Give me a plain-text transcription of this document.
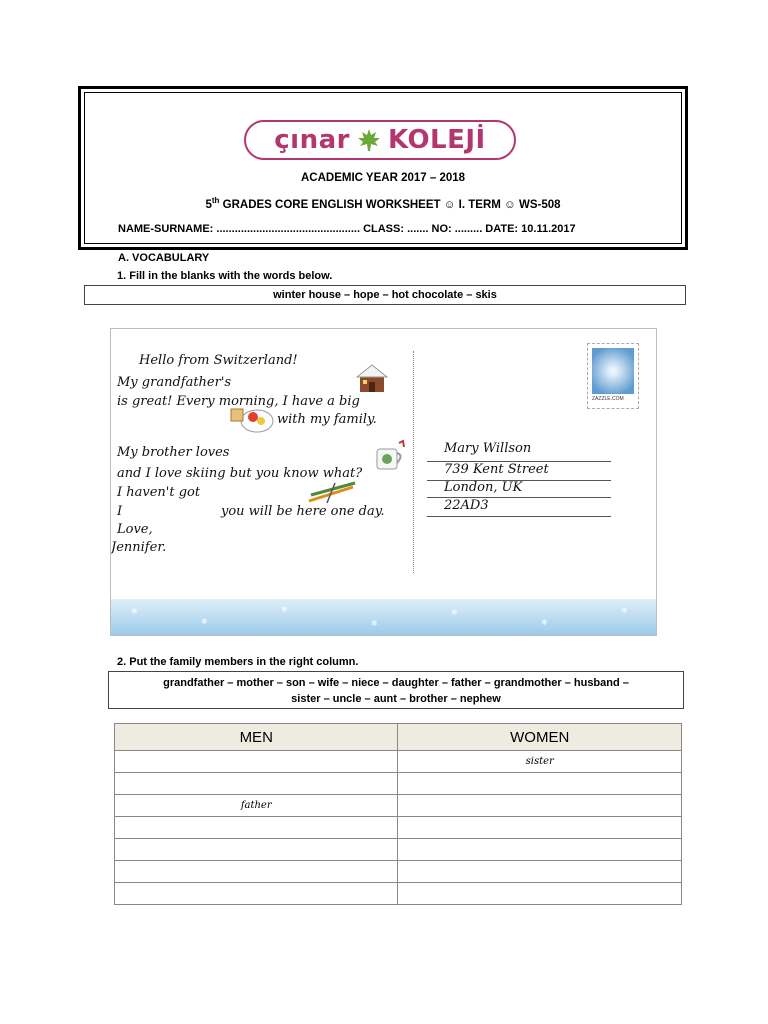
çınar KOLEJİ
ACADEMIC YEAR 2017 – 2018
5th GRADES CORE ENGLISH WORKSHEET ☺ I. TERM ☺ WS-508
NAME-SURNAME: ............................................... CLASS: ....... NO: ......... DATE: 10.11.2017
A. VOCABULARY
1. Fill in the blanks with the words below.
winter house – hope – hot chocolate – skis
Hello from Switzerland!
My grandfather's
is great! Every morning, I have a big
with my family.
My brother loves
and I love skiing but you know what?
I haven't got
I	you will be here one day.
Love,
Jennifer.
Mary Willson
739 Kent Street
London, UK
22AD3
ZAZZLE.COM
❄
❄
❄
❄
❄
❄
❄
2. Put the family members in the right column.
grandfather – mother – son – wife – niece – daughter – father – grandmother – husband –
sister – uncle – aunt – brother – nephew
MEN	WOMEN
	sister

father	
